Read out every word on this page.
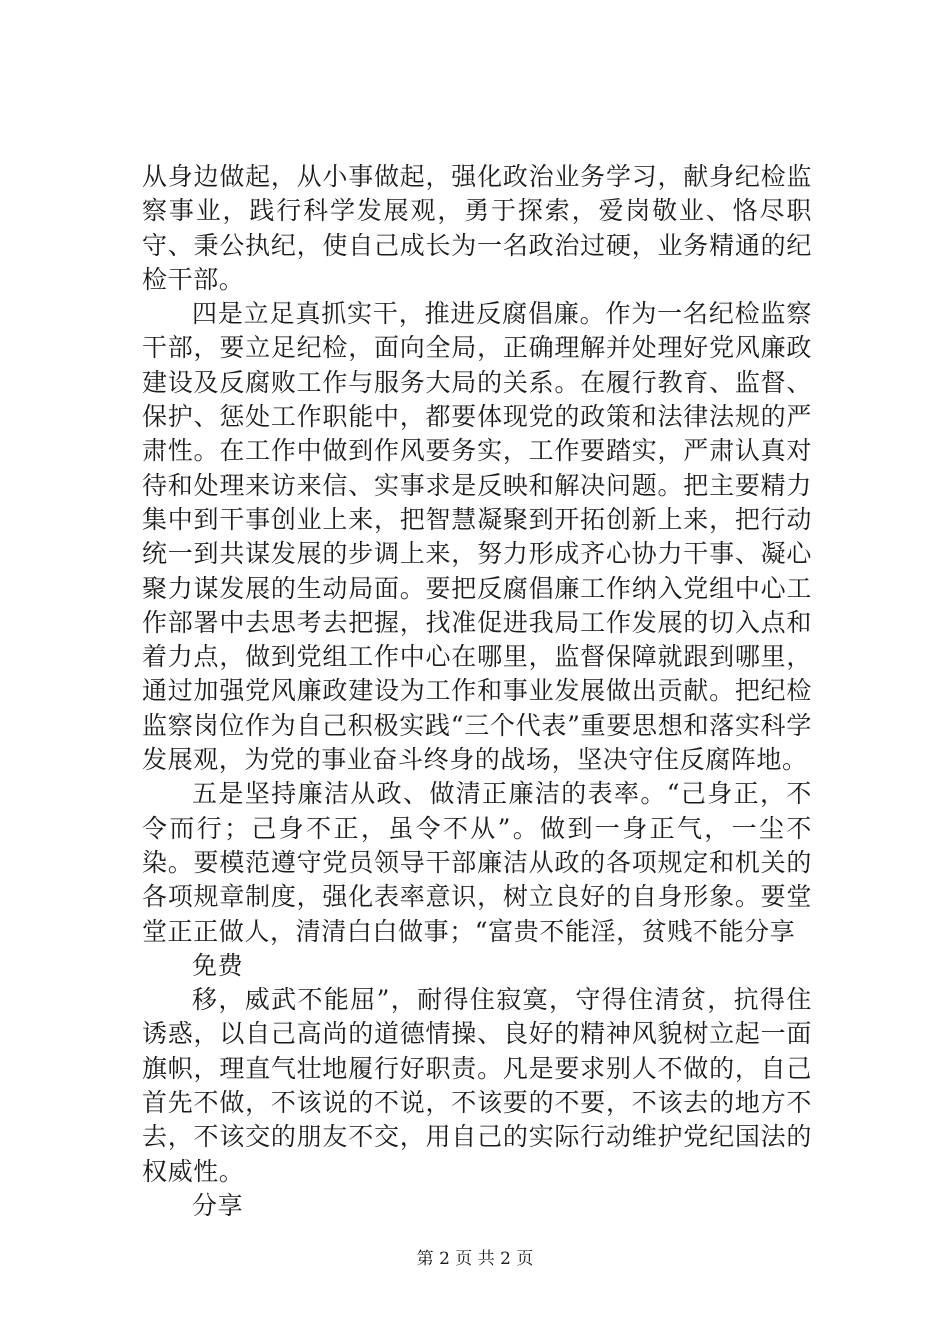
从身边做起，从小事做起，强化政治业务学习，献身纪检监察事业，践行科学发展观，勇于探索，爱岗敬业、恪尽职守、秉公执纪，使自己成长为一名政治过硬，业务精通的纪检干部。

四是立足真抓实干，推进反腐倡廉。作为一名纪检监察干部，要立足纪检，面向全局，正确理解并处理好党风廉政建设及反腐败工作与服务大局的关系。在履行教育、监督、保护、惩处工作职能中，都要体现党的政策和法律法规的严肃性。在工作中做到作风要务实，工作要踏实，严肃认真对待和处理来访来信、实事求是反映和解决问题。把主要精力集中到干事创业上来，把智慧凝聚到开拓创新上来，把行动统一到共谋发展的步调上来，努力形成齐心协力干事、凝心聚力谋发展的生动局面。要把反腐倡廉工作纳入党组中心工作部署中去思考去把握，找准促进我局工作发展的切入点和着力点，做到党组工作中心在哪里，监督保障就跟到哪里，通过加强党风廉政建设为工作和事业发展做出贡献。把纪检监察岗位作为自己积极实践“三个代表”重要思想和落实科学发展观，为党的事业奋斗终身的战场，坚决守住反腐阵地。

五是坚持廉洁从政、做清正廉洁的表率。“己身正，不令而行；己身不正，虽令不从”。做到一身正气，一尘不染。要模范遵守党员领导干部廉洁从政的各项规定和机关的各项规章制度，强化表率意识，树立良好的自身形象。要堂堂正正做人，清清白白做事；“富贵不能淫，贫贱不能分享

免费

移，威武不能屈”，耐得住寂寞，守得住清贫，抗得住诱惑，以自己高尚的道德情操、良好的精神风貌树立起一面旗帜，理直气壮地履行好职责。凡是要求别人不做的，自己首先不做，不该说的不说，不该要的不要，不该去的地方不去，不该交的朋友不交，用自己的实际行动维护党纪国法的权威性。

分享

第 2 页 共 2 页
